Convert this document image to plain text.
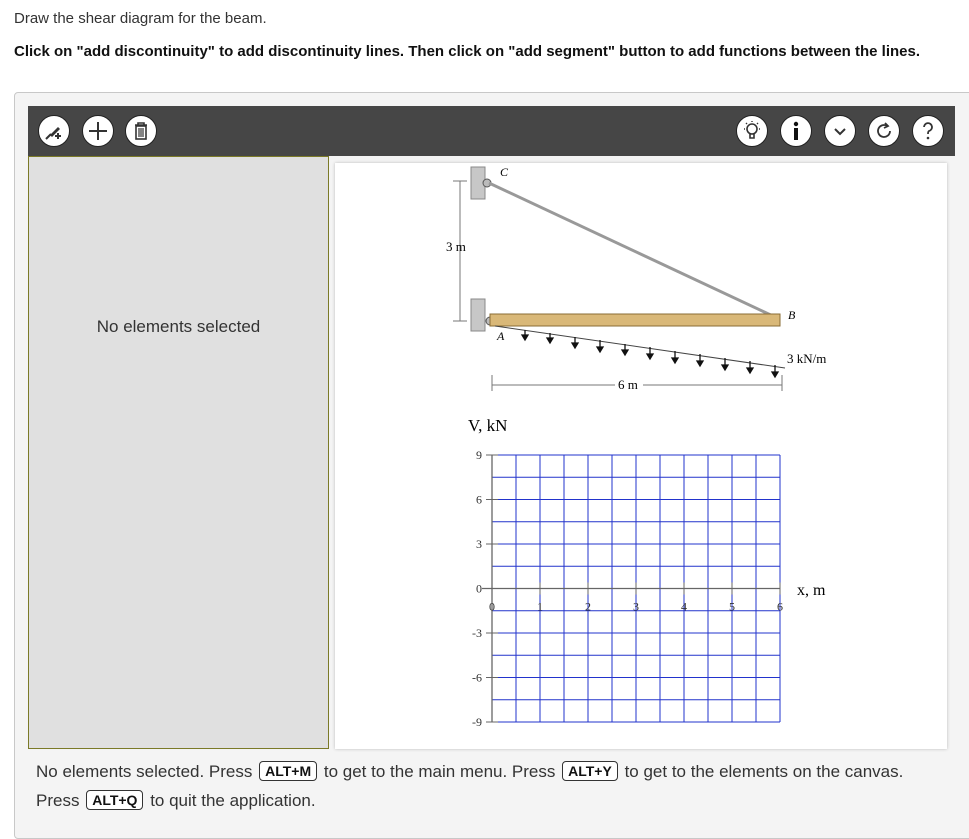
Draw the shear diagram for the beam.
Click on "add discontinuity" to add discontinuity lines. Then click on "add segment" button to add functions between the lines.
No elements selected
C
B
A
3 m
6 m
3 kN/m
9
6
3
0
-3
-6
-9
0	1	2	3	4	5	6
V, kN
x, m
No elements selected. Press ALT+M to get to the main menu. Press ALT+Y to get to the elements on the canvas. Press ALT+Q to quit the application.
